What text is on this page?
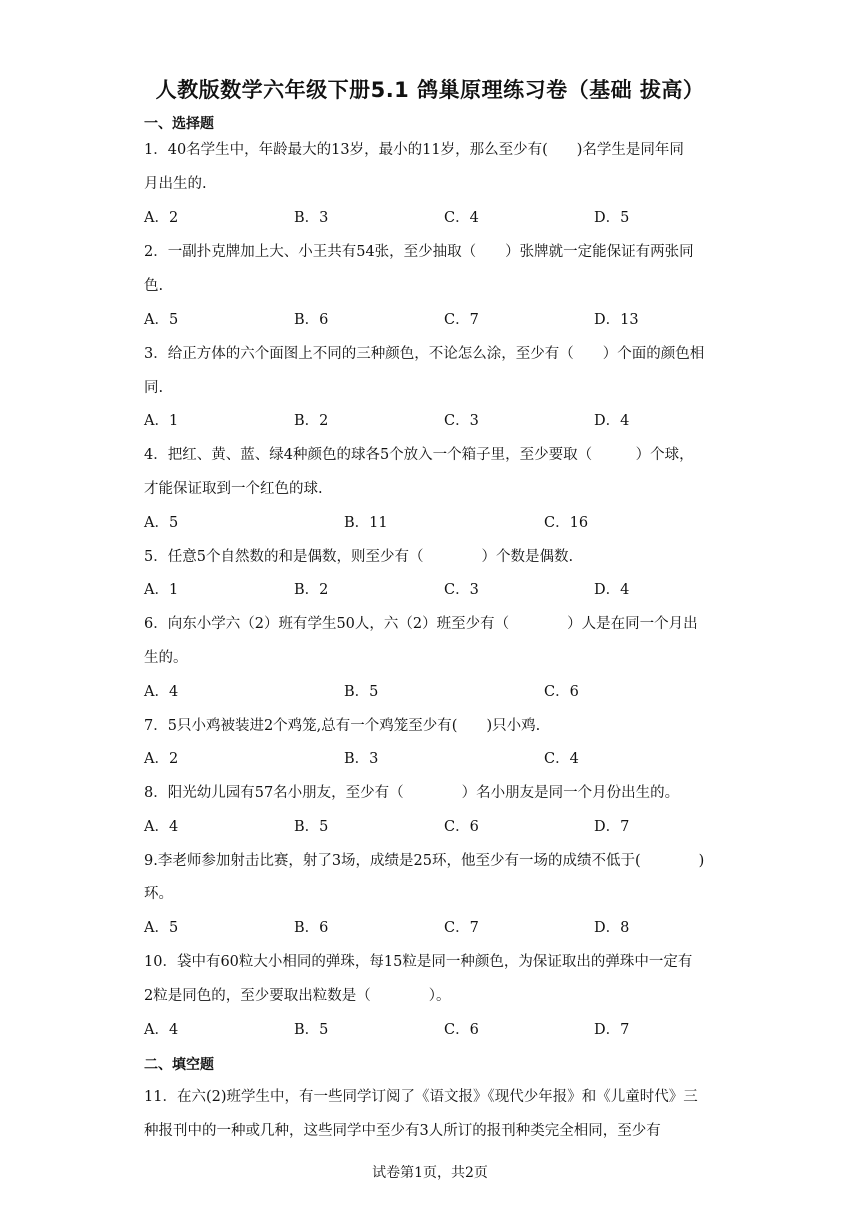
人教版数学六年级下册5.1 鸽巢原理练习卷（基础 拔高）
一、选择题
1．40名学生中，年龄最大的13岁，最小的11岁，那么至少有(　　)名学生是同年同
月出生的.
A．2	B．3	C．4	D．5
2．一副扑克牌加上大、小王共有54张，至少抽取（　　）张牌就一定能保证有两张同
色.
A．5	B．6	C．7	D．13
3．给正方体的六个面图上不同的三种颜色，不论怎么涂，至少有（　　）个面的颜色相
同.
A．1	B．2	C．3	D．4
4．把红、黄、蓝、绿4种颜色的球各5个放入一个箱子里，至少要取（　　　）个球，
才能保证取到一个红色的球.
A．5	B．11	C．16
5．任意5个自然数的和是偶数，则至少有（　　　　）个数是偶数.
A．1	B．2	C．3	D．4
6．向东小学六（2）班有学生50人，六（2）班至少有（　　　　）人是在同一个月出
生的。
A．4	B．5	C．6
7．5只小鸡被装进2个鸡笼,总有一个鸡笼至少有(　　)只小鸡.
A．2	B．3	C．4
8．阳光幼儿园有57名小朋友，至少有（　　　　）名小朋友是同一个月份出生的。
A．4	B．5	C．6	D．7
9.李老师参加射击比赛，射了3场，成绩是25环，他至少有一场的成绩不低于(　　　　)
环。
A．5	B．6	C．7	D．8
10．袋中有60粒大小相同的弹珠，每15粒是同一种颜色，为保证取出的弹珠中一定有
2粒是同色的，至少要取出粒数是（　　　　）。
A．4	B．5	C．6	D．7
二、填空题
11．在六(2)班学生中，有一些同学订阅了《语文报》《现代少年报》和《儿童时代》三
种报刊中的一种或几种，这些同学中至少有3人所订的报刊种类完全相同，至少有
试卷第1页，共2页
